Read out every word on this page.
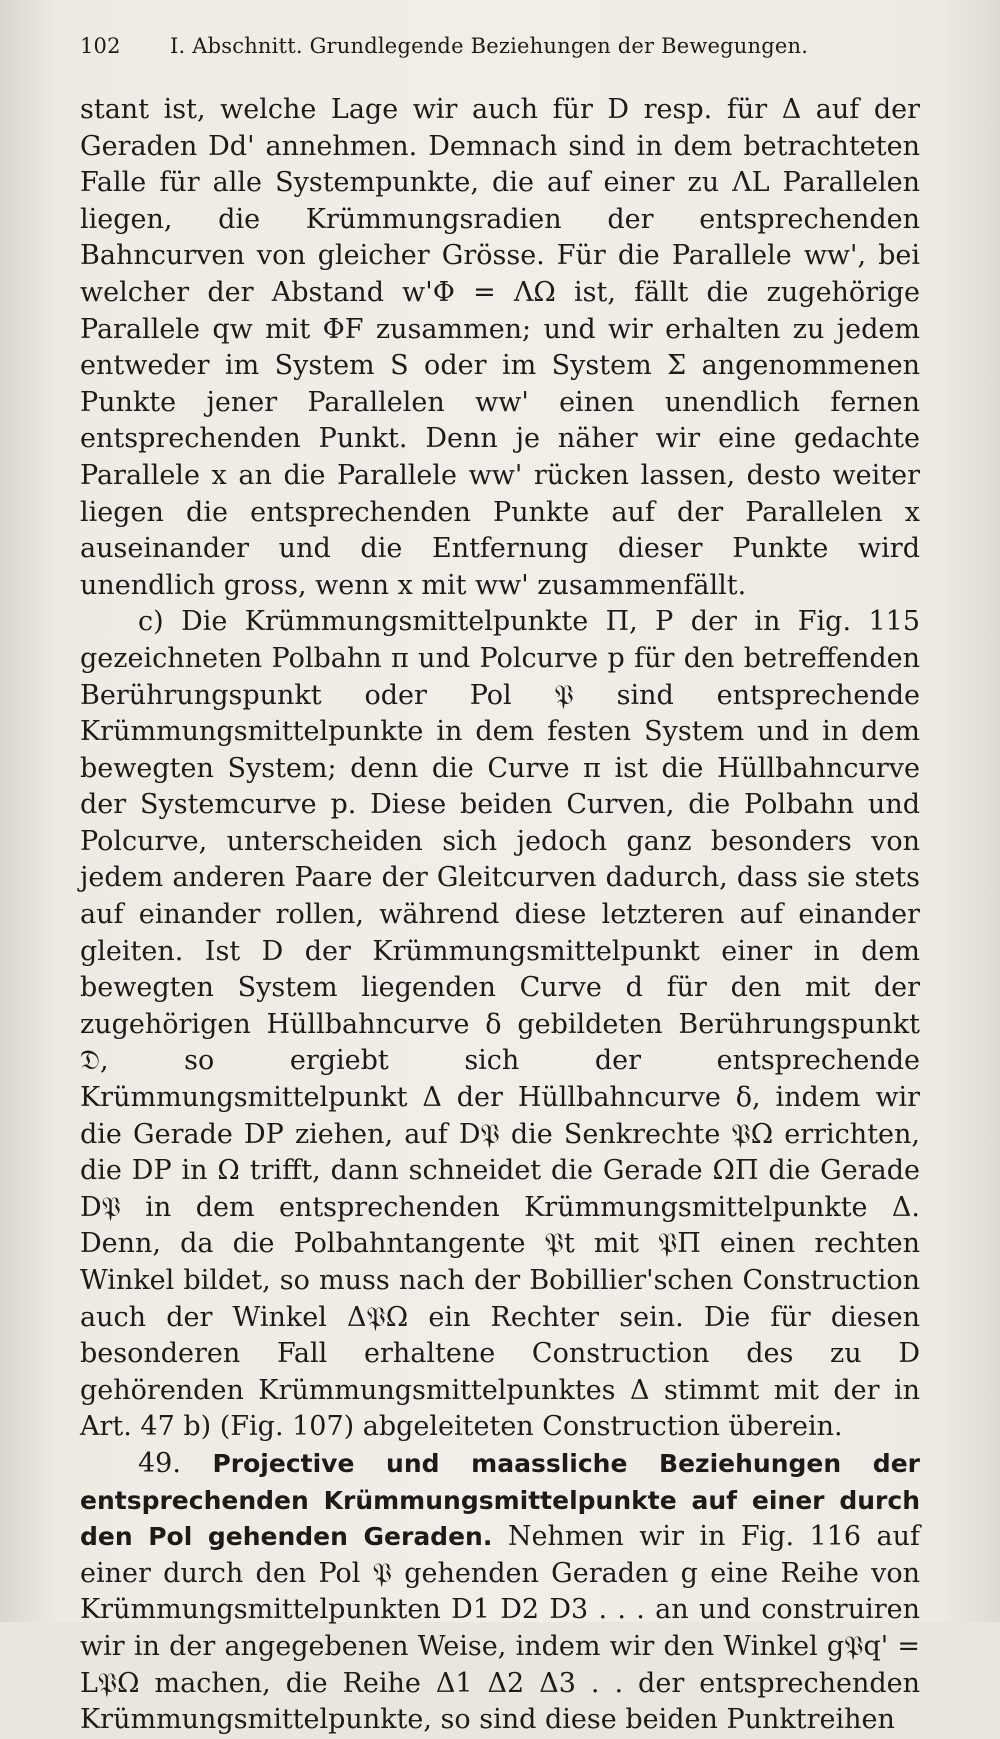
102 I. Abschnitt. Grundlegende Beziehungen der Bewegungen.

stant ist, welche Lage wir auch für D resp. für Δ auf der Geraden Dd' annehmen. Demnach sind in dem betrachteten Falle für alle Systempunkte, die auf einer zu ΛL Parallelen liegen, die Krümmungsradien der entsprechenden Bahncurven von gleicher Grösse. Für die Parallele ww', bei welcher der Abstand w'Φ = ΛΩ ist, fällt die zugehörige Parallele qw mit ΦF zusammen; und wir erhalten zu jedem entweder im System S oder im System Σ angenommenen Punkte jener Parallelen ww' einen unendlich fernen entsprechenden Punkt. Denn je näher wir eine gedachte Parallele x an die Parallele ww' rücken lassen, desto weiter liegen die entsprechenden Punkte auf der Parallelen x auseinander und die Entfernung dieser Punkte wird unendlich gross, wenn x mit ww' zusammenfällt.

c) Die Krümmungsmittelpunkte Π, P der in Fig. 115 gezeichneten Polbahn π und Polcurve p für den betreffenden Berührungspunkt oder Pol 𝔓 sind entsprechende Krümmungsmittelpunkte in dem festen System und in dem bewegten System; denn die Curve π ist die Hüllbahncurve der Systemcurve p. Diese beiden Curven, die Polbahn und Polcurve, unterscheiden sich jedoch ganz besonders von jedem anderen Paare der Gleitcurven dadurch, dass sie stets auf einander rollen, während diese letzteren auf einander gleiten. Ist D der Krümmungsmittelpunkt einer in dem bewegten System liegenden Curve d für den mit der zugehörigen Hüllbahncurve δ gebildeten Berührungspunkt 𝔇, so ergiebt sich der entsprechende Krümmungsmittelpunkt Δ der Hüllbahncurve δ, indem wir die Gerade DP ziehen, auf D𝔓 die Senkrechte 𝔓Ω errichten, die DP in Ω trifft, dann schneidet die Gerade ΩΠ die Gerade D𝔓 in dem entsprechenden Krümmungsmittelpunkte Δ. Denn, da die Polbahntangente 𝔓t mit 𝔓Π einen rechten Winkel bildet, so muss nach der Bobillier'schen Construction auch der Winkel Δ𝔓Ω ein Rechter sein. Die für diesen besonderen Fall erhaltene Construction des zu D gehörenden Krümmungsmittelpunktes Δ stimmt mit der in Art. 47 b) (Fig. 107) abgeleiteten Construction überein.

49. Projective und maassliche Beziehungen der entsprechenden Krümmungsmittelpunkte auf einer durch den Pol gehenden Geraden. Nehmen wir in Fig. 116 auf einer durch den Pol 𝔓 gehenden Geraden g eine Reihe von Krümmungsmittelpunkten D1 D2 D3 . . . an und construiren wir in der angegebenen Weise, indem wir den Winkel g𝔓q' = L𝔓Ω machen, die Reihe Δ1 Δ2 Δ3 . . der entsprechenden Krümmungsmittelpunkte, so sind diese beiden Punktreihen
